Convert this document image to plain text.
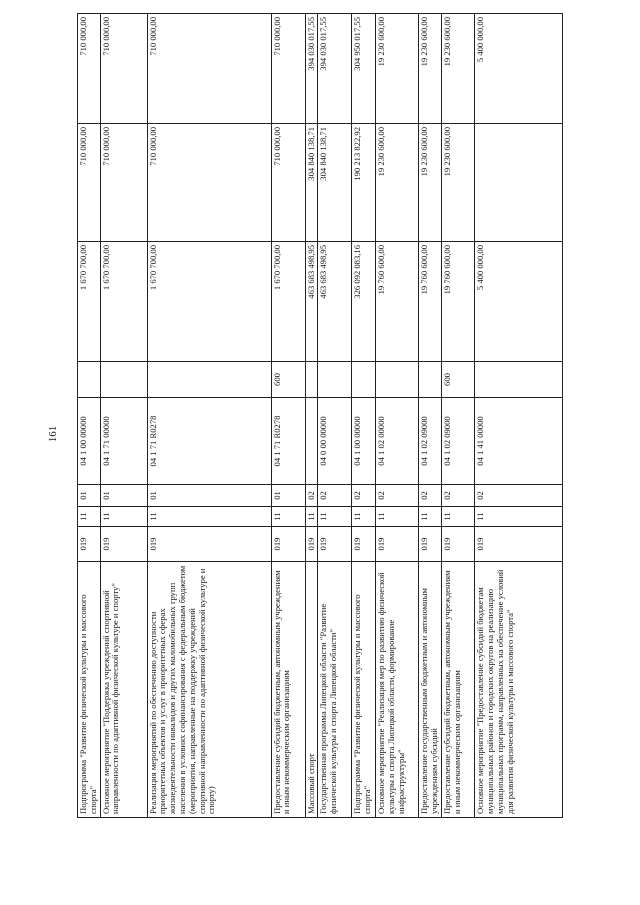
161
Подпрограмма "Развитие физической культуры и массового спорта"	019	11	01	04 1 00 00000		1 670 700,00	710 000,00	710 000,00
Основное мероприятие "Поддержка учреждений спортивной направленности по адаптивной физической культуре и спорту"	019	11	01	04 1 71 00000		1 670 700,00	710 000,00	710 000,00
Реализация мероприятий по обеспечению доступности приоритетных объектов и услуг в приоритетных сферах жизнедеятельности инвалидов и других маломобильных групп населения в условиях софинансирования с федеральным бюджетом (мероприятия, направленные на поддержку учреждений спортивной направленности по адаптивной физической культуре и спорту)	019	11	01	04 1 71 R0278		1 670 700,00	710 000,00	710 000,00
Предоставление субсидий бюджетным, автономным учреждениям и иным некоммерческим организациям	019	11	01	04 1 71 R0278	600	1 670 700,00	710 000,00	710 000,00
Массовый спорт	019	11	02			463 683 498,95	304 840 138,71	394 030 017,55
Государственная программа Липецкой области "Развитие физической культуры и спорта Липецкой области"	019	11	02	04 0 00 00000		463 683 498,95	304 840 138,71	394 030 017,55
Подпрограмма "Развитие физической культуры и массового спорта"	019	11	02	04 1 00 00000		326 092 083,16	190 213 822,92	304 950 017,55
Основное мероприятие "Реализация мер по развитию физической культуры и спорта Липецкой области, формирование инфраструктуры"	019	11	02	04 1 02 00000		19 760 600,00	19 230 600,00	19 230 600,00
Предоставление государственным бюджетным и автономным учреждениям субсидий	019	11	02	04 1 02 09000		19 760 600,00	19 230 600,00	19 230 600,00
Предоставление субсидий бюджетным, автономным учреждениям и иным некоммерческим организациям	019	11	02	04 1 02 09000	600	19 760 600,00	19 230 600,00	19 230 600,00
Основное мероприятие "Предоставление субсидий бюджетам муниципальных районов и городских округов на реализацию муниципальных программ, направленных на обеспечение условий для развития физической культуры и массового спорта"	019	11	02	04 1 41 00000		5 400 000,00		5 400 000,00
